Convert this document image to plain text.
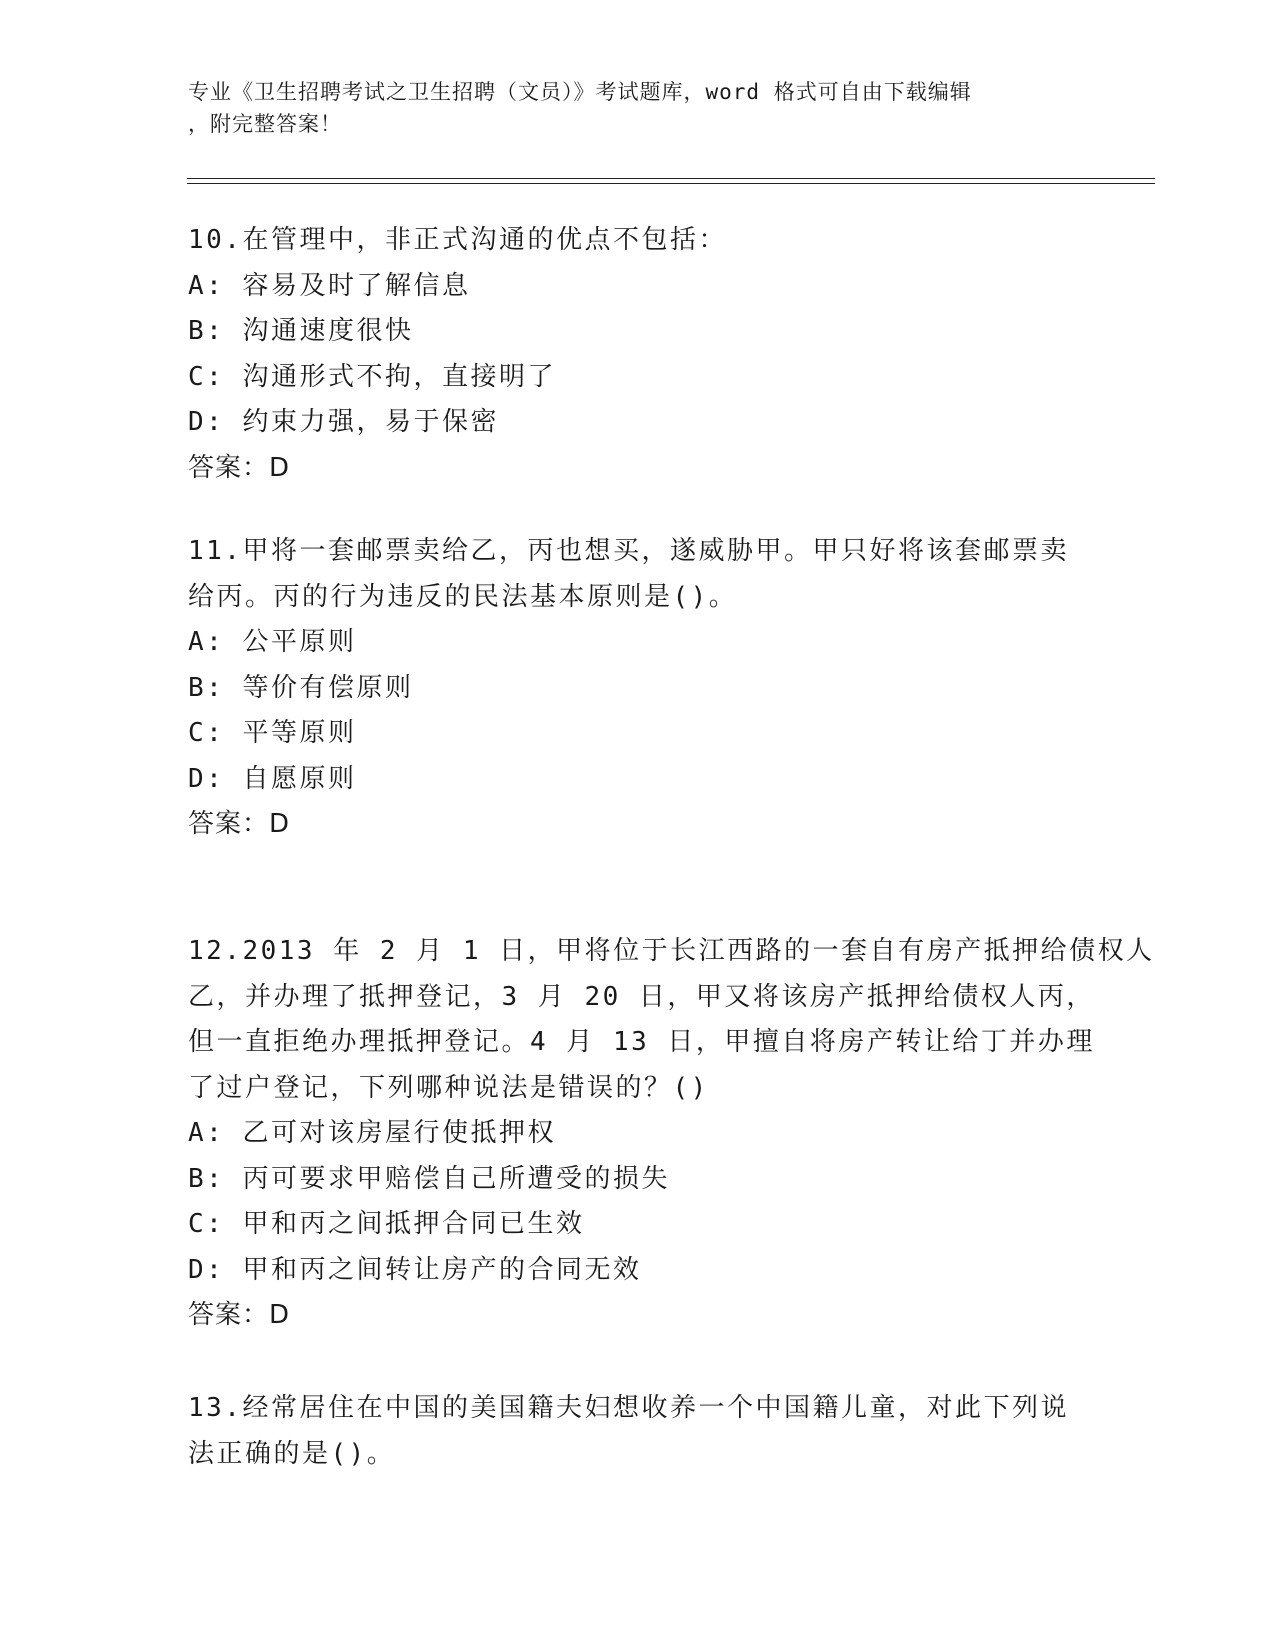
专业《卫生招聘考试之卫生招聘（文员）》考试题库，word 格式可自由下载编辑
，附完整答案！
10.在管理中，非正式沟通的优点不包括：
A: 容易及时了解信息
B: 沟通速度很快
C: 沟通形式不拘，直接明了
D: 约束力强，易于保密
答案：D
11.甲将一套邮票卖给乙，丙也想买，遂威胁甲。甲只好将该套邮票卖
给丙。丙的行为违反的民法基本原则是()。
A: 公平原则
B: 等价有偿原则
C: 平等原则
D: 自愿原则
答案：D
12.2013 年 2 月 1 日，甲将位于长江西路的一套自有房产抵押给债权人
乙，并办理了抵押登记，3 月 20 日，甲又将该房产抵押给债权人丙，
但一直拒绝办理抵押登记。4 月 13 日，甲擅自将房产转让给丁并办理
了过户登记，下列哪种说法是错误的？()
A: 乙可对该房屋行使抵押权
B: 丙可要求甲赔偿自己所遭受的损失
C: 甲和丙之间抵押合同已生效
D: 甲和丙之间转让房产的合同无效
答案：D
13.经常居住在中国的美国籍夫妇想收养一个中国籍儿童，对此下列说
法正确的是()。
